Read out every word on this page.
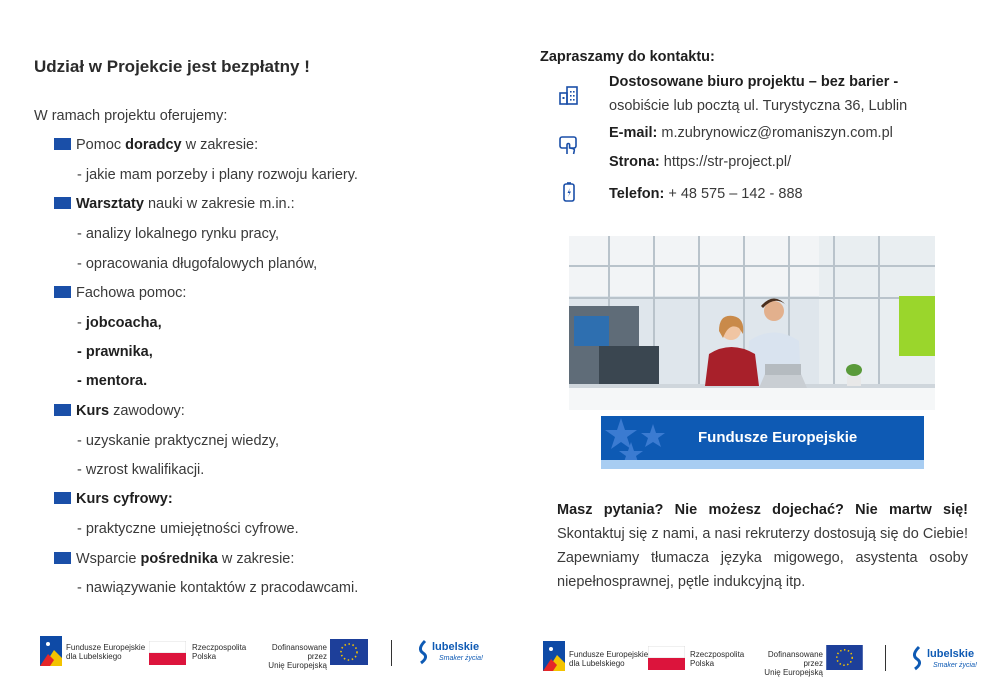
Udział w Projekcie jest bezpłatny !
W ramach projektu oferujemy:
Pomoc doradcy w zakresie:
- jakie mam porzeby i plany rozwoju kariery.
Warsztaty nauki w zakresie m.in.:
- analizy lokalnego rynku pracy,
- opracowania długofalowych planów,
Fachowa pomoc:
- jobcoacha,
- prawnika,
- mentora.
Kurs zawodowy:
- uzyskanie praktycznej wiedzy,
- wzrost kwalifikacji.
Kurs cyfrowy:
- praktyczne umiejętności cyfrowe.
Wsparcie pośrednika w zakresie:
- nawiązywanie kontaktów z pracodawcami.
Zapraszamy do kontaktu:
Dostosowane biuro projektu – bez barier -
osobiście lub pocztą ul. Turystyczna 36, Lublin
E-mail: m.zubrynowicz@romaniszyn.com.pl
Strona: https://str-project.pl/
Telefon: + 48 575 – 142 - 888
Fundusze Europejskie
Masz pytania? Nie możesz dojechać? Nie martw się! Skontaktuj się z nami, a nasi rekruterzy dostosują się do Ciebie! Zapewniamy tłumacza języka migowego, asystenta osoby niepełnosprawnej, pętle indukcyjną itp.
Fundusze Europejskie
dla Lubelskiego
Rzeczpospolita
Polska
Dofinansowane przez
Unię Europejską
lubelskie
Smaker życia!	Fundusze Europejskie
dla Lubelskiego
Rzeczpospolita
Polska
Dofinansowane przez
Unię Europejską
lubelskie
Smaker życia!
